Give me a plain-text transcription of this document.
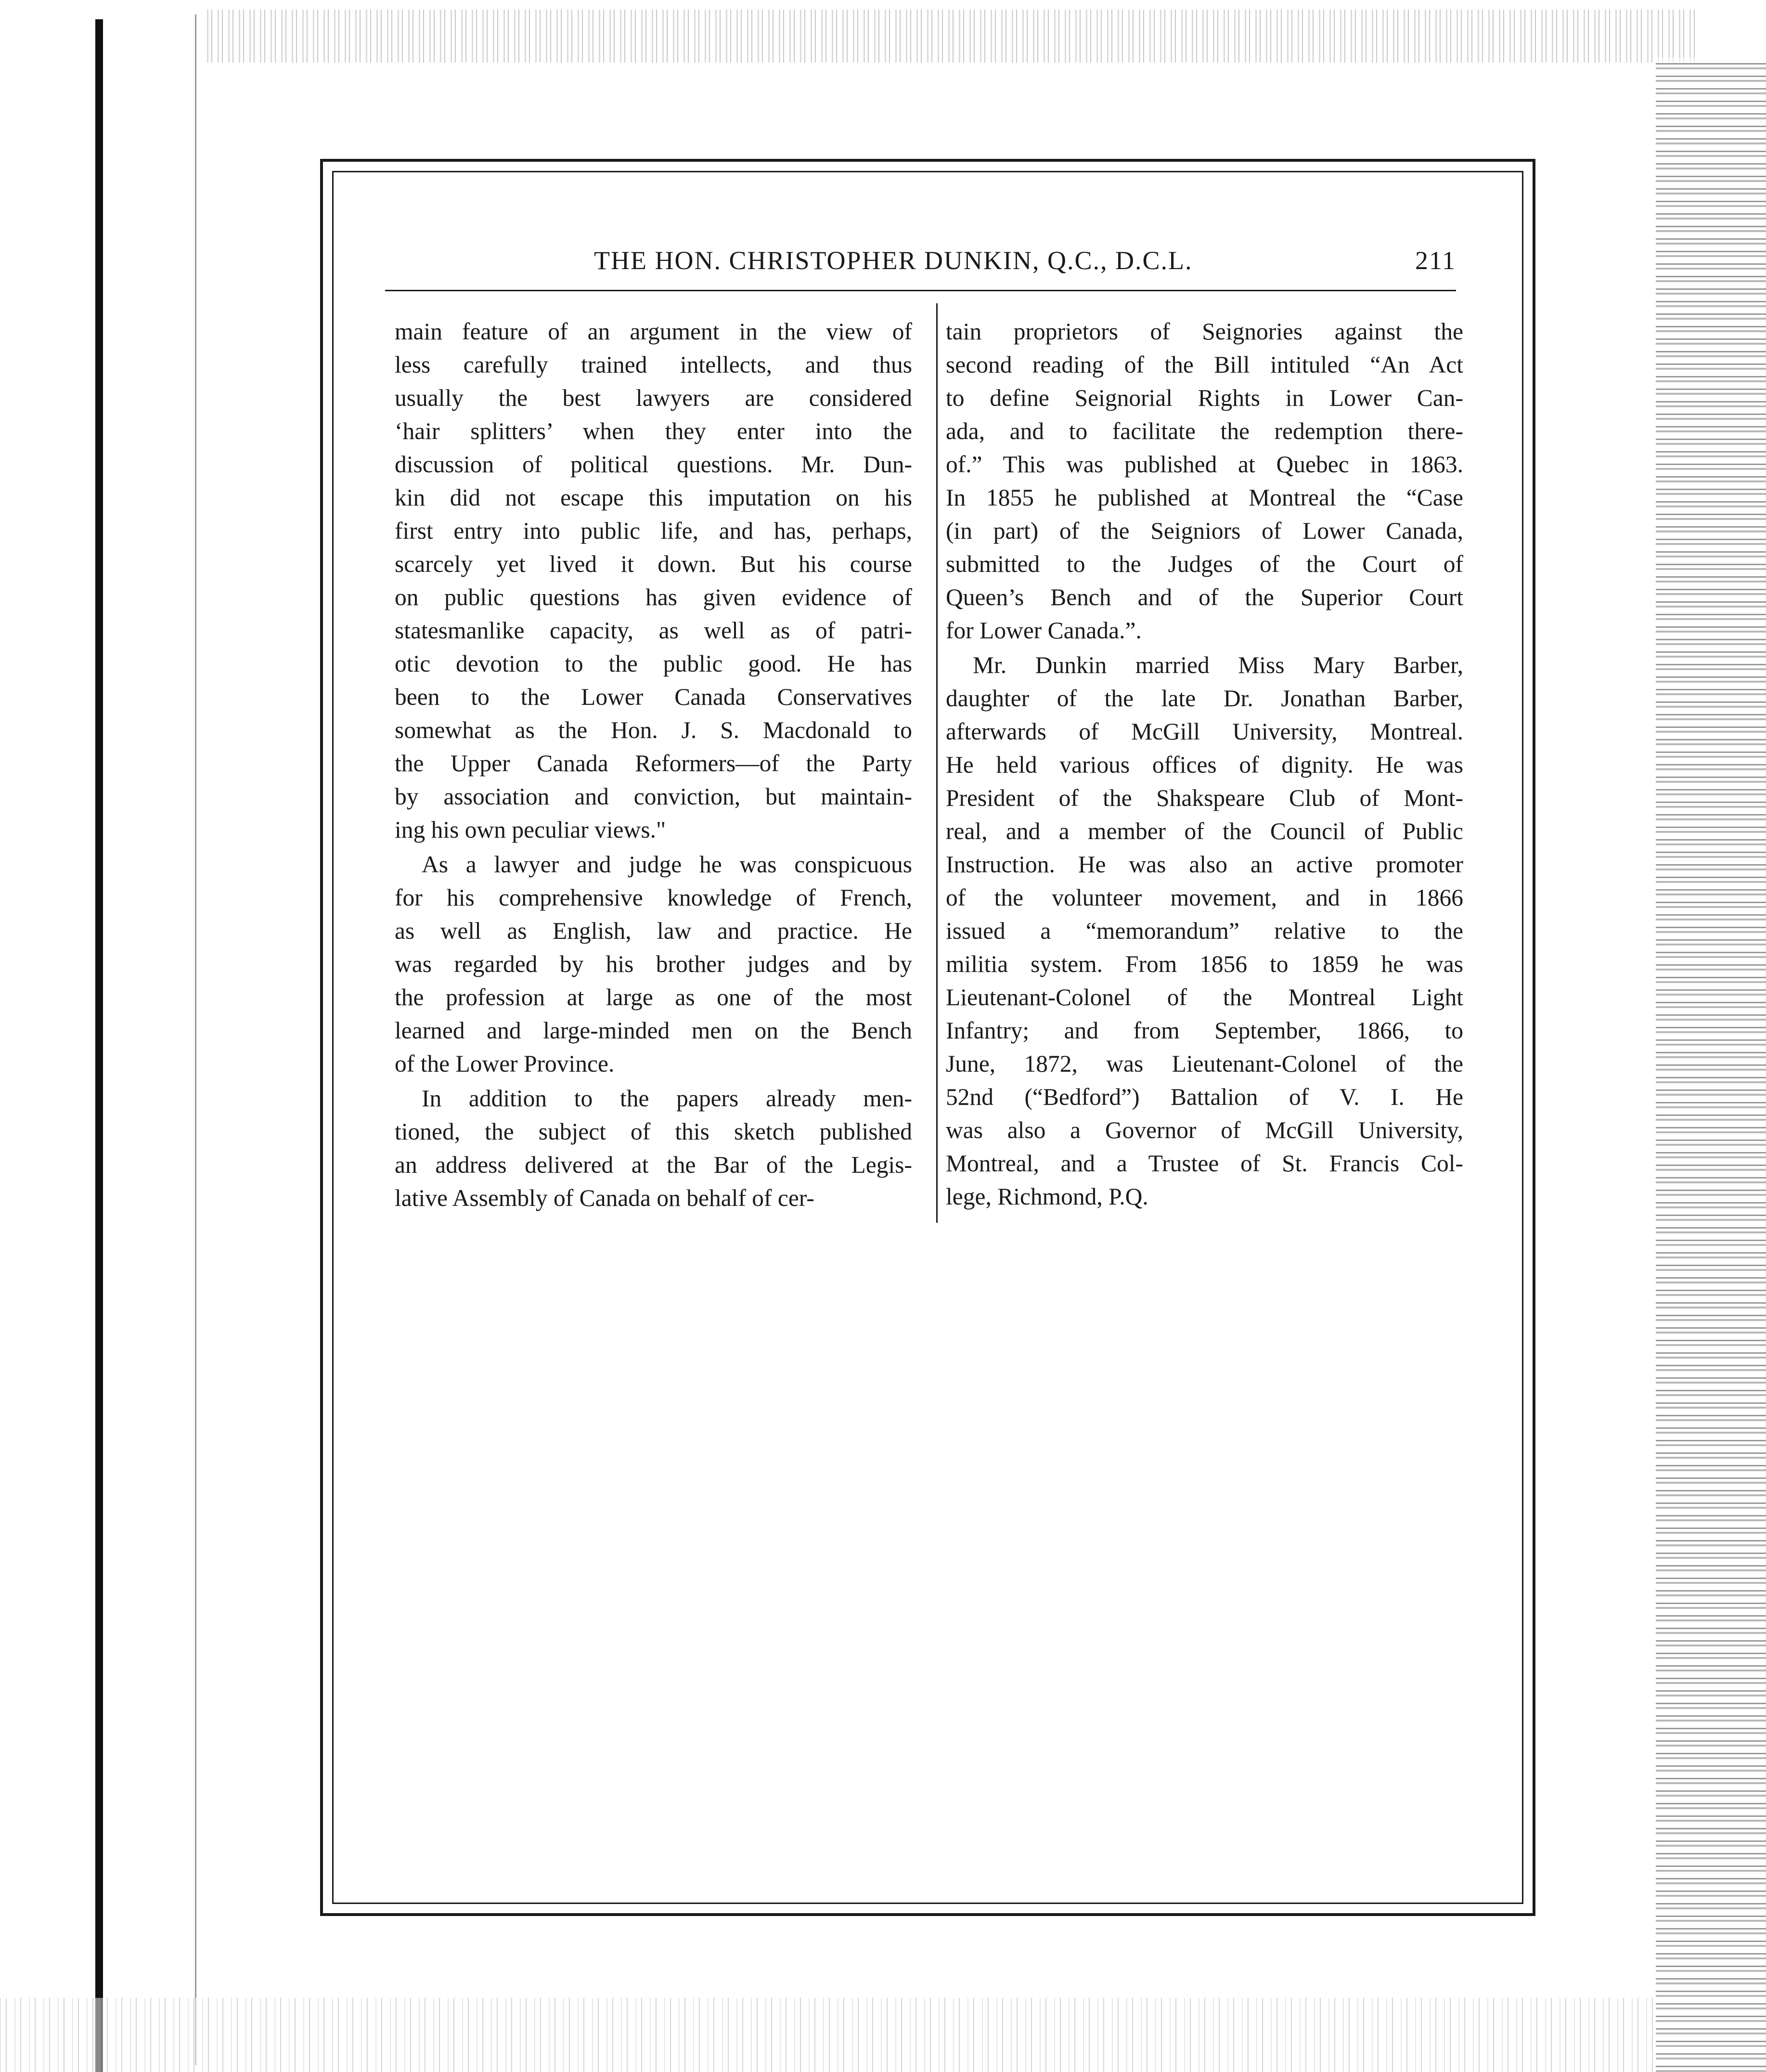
THE HON. CHRISTOPHER DUNKIN, Q.C., D.C.L.	211
main feature of an argument in the view of
less carefully trained intellects, and thus
usually the best lawyers are considered
‘hair splitters’ when they enter into the
discussion of political questions. Mr. Dun-
kin did not escape this imputation on his
first entry into public life, and has, perhaps,
scarcely yet lived it down. But his course
on public questions has given evidence of
statesmanlike capacity, as well as of patri-
otic devotion to the public good. He has
been to the Lower Canada Conservatives
somewhat as the Hon. J. S. Macdonald to
the Upper Canada Reformers—of the Party
by association and conviction, but maintain-
ing his own peculiar views."
As a lawyer and judge he was conspicuous
for his comprehensive knowledge of French,
as well as English, law and practice. He
was regarded by his brother judges and by
the profession at large as one of the most
learned and large-minded men on the Bench
of the Lower Province.
In addition to the papers already men-
tioned, the subject of this sketch published
an address delivered at the Bar of the Legis-
lative Assembly of Canada on behalf of cer-
tain proprietors of Seignories against the
second reading of the Bill intituled “An Act
to define Seignorial Rights in Lower Can-
ada, and to facilitate the redemption there-
of.” This was published at Quebec in 1863.
In 1855 he published at Montreal the “Case
(in part) of the Seigniors of Lower Canada,
submitted to the Judges of the Court of
Queen’s Bench and of the Superior Court
for Lower Canada.”.
Mr. Dunkin married Miss Mary Barber,
daughter of the late Dr. Jonathan Barber,
afterwards of McGill University, Montreal.
He held various offices of dignity. He was
President of the Shakspeare Club of Mont-
real, and a member of the Council of Public
Instruction. He was also an active promoter
of the volunteer movement, and in 1866
issued a “memorandum” relative to the
militia system. From 1856 to 1859 he was
Lieutenant-Colonel of the Montreal Light
Infantry; and from September, 1866, to
June, 1872, was Lieutenant-Colonel of the
52nd (“Bedford”) Battalion of V. I. He
was also a Governor of McGill University,
Montreal, and a Trustee of St. Francis Col-
lege, Richmond, P.Q.
